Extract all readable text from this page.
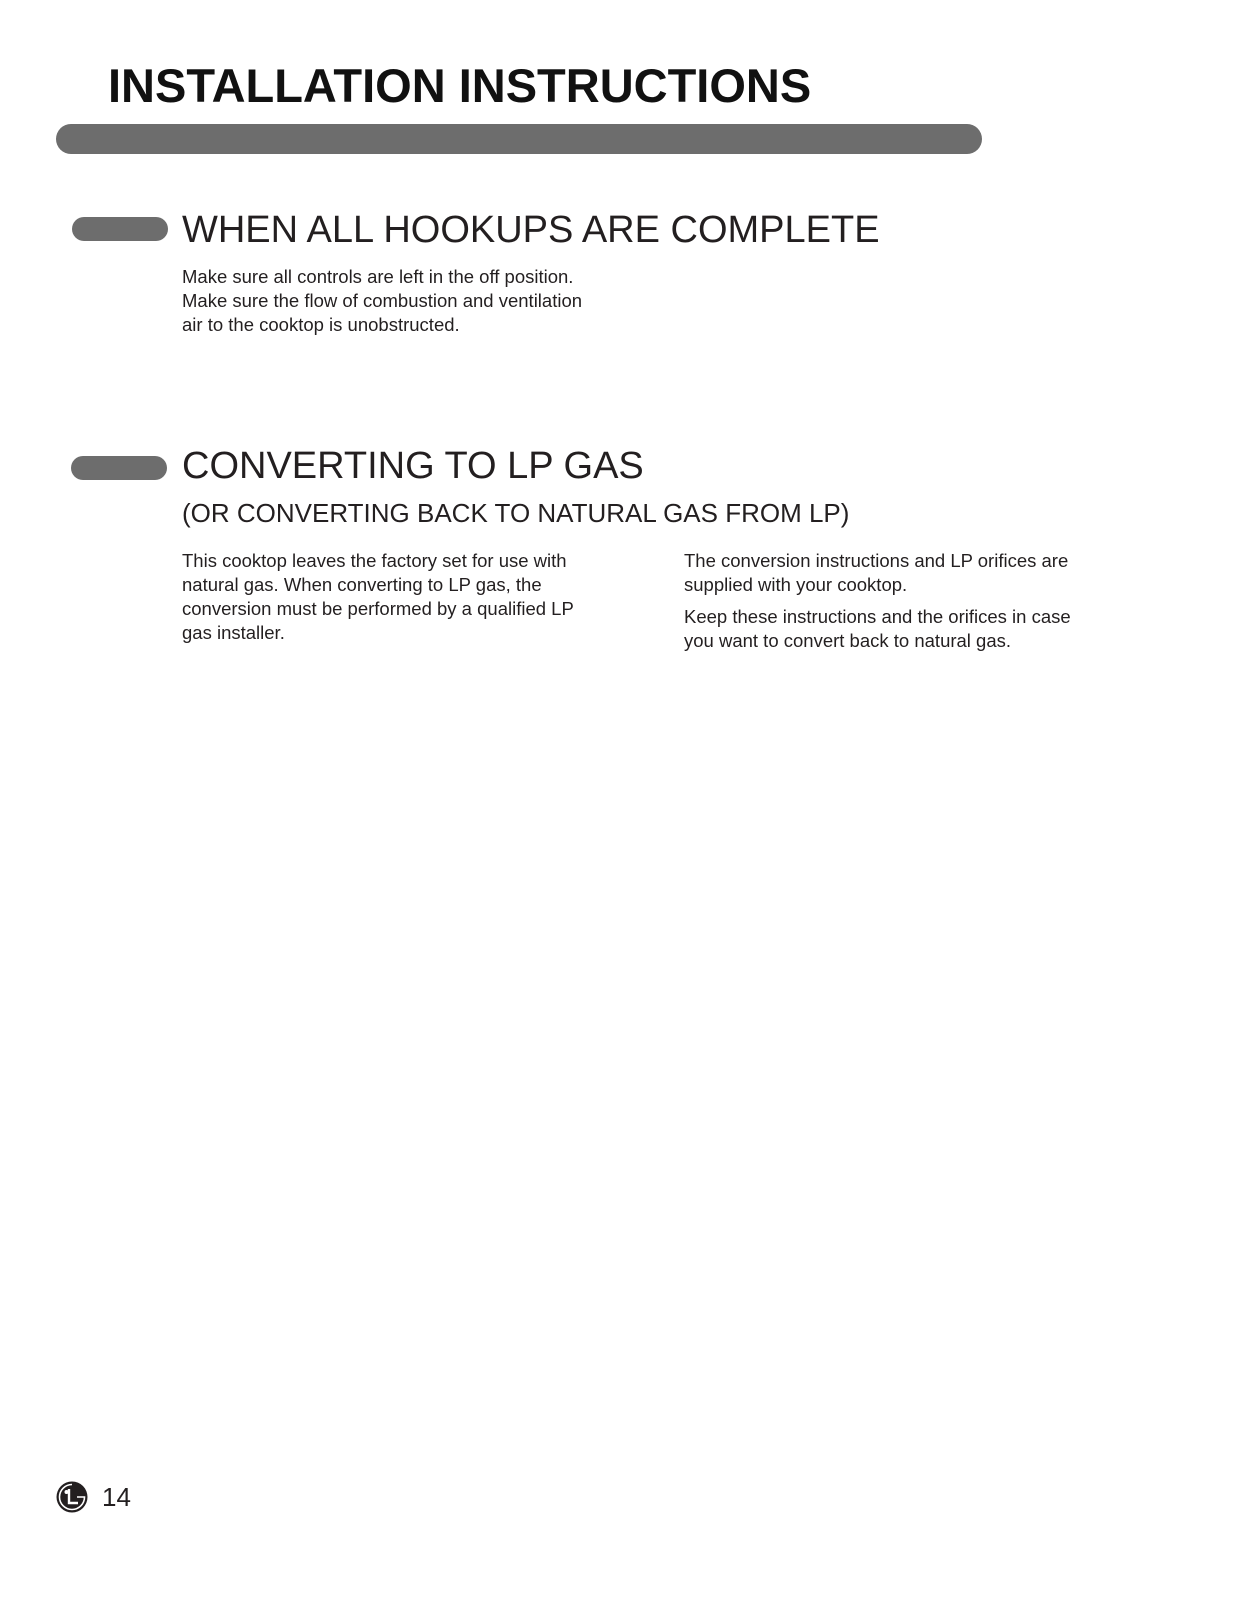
INSTALLATION INSTRUCTIONS
WHEN ALL HOOKUPS ARE COMPLETE

Make sure all controls are left in the off position.
Make sure the flow of combustion and ventilation
air to the cooktop is unobstructed.

CONVERTING TO LP GAS
(OR CONVERTING BACK TO NATURAL GAS FROM LP)

This cooktop leaves the factory set for use with
natural gas. When converting to LP gas, the
conversion must be performed by a qualified LP
gas installer.

The conversion instructions and LP orifices are
supplied with your cooktop.

Keep these instructions and the orifices in case
you want to convert back to natural gas.

14
